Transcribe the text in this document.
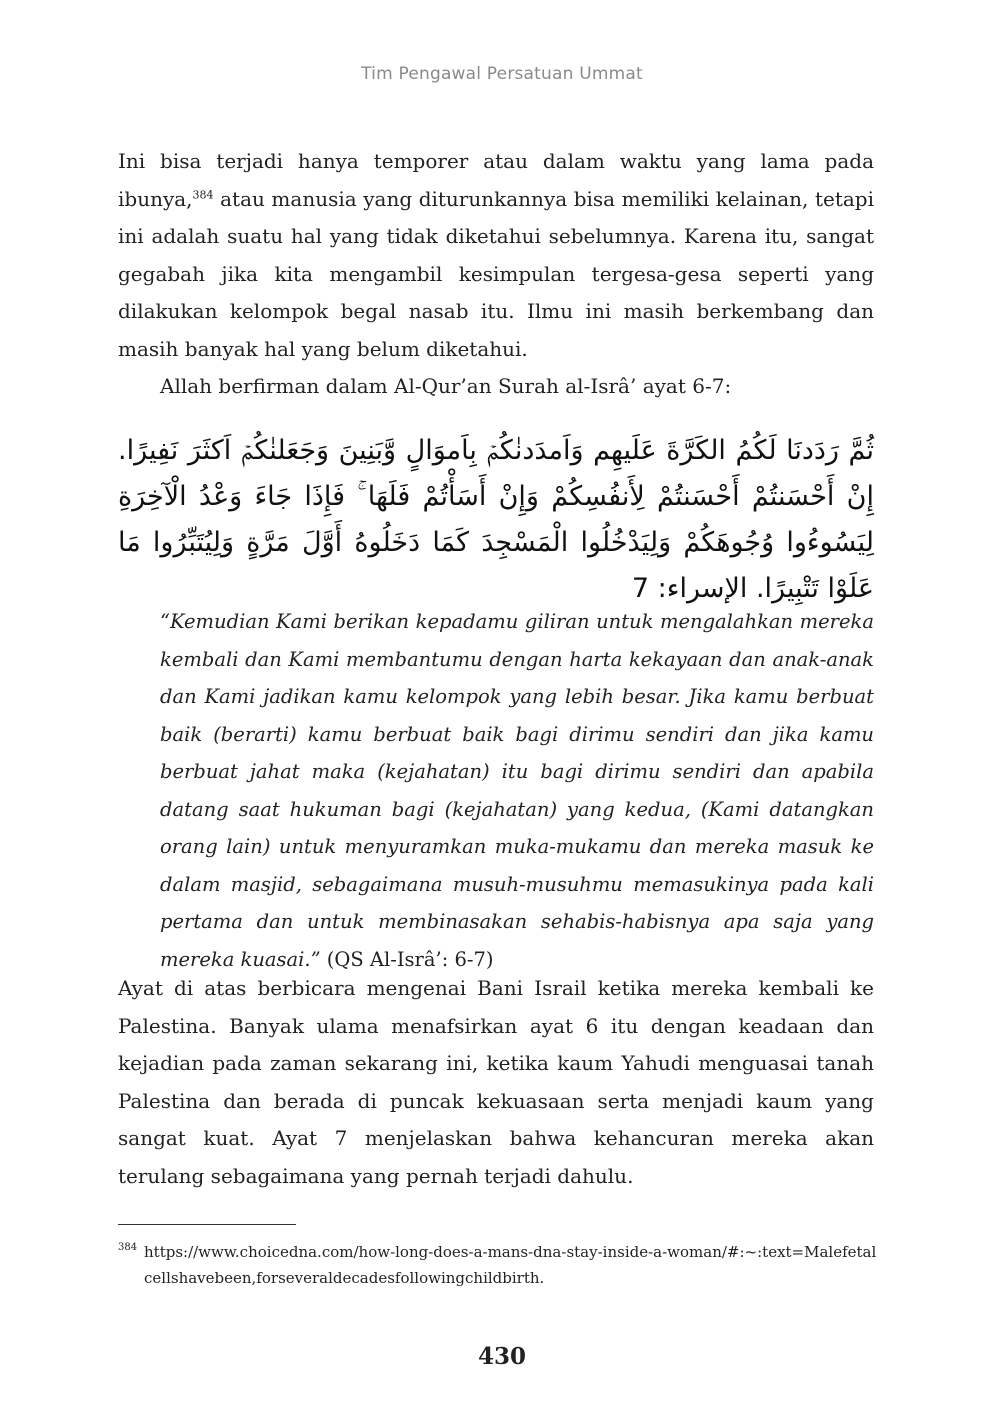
Tim Pengawal Persatuan Ummat
Ini bisa terjadi hanya temporer atau dalam waktu yang lama pada ibunya,$^{384}$ atau manusia yang diturunkannya bisa memiliki kelainan, tetapi ini adalah suatu hal yang tidak diketahui sebelumnya. Karena itu, sangat gegabah jika kita mengambil kesimpulan tergesa-gesa seperti yang dilakukan kelompok begal nasab itu. Ilmu ini masih berkembang dan masih banyak hal yang belum diketahui.
Allah berfirman dalam Al-Qur’an Surah al-Isrâ’ ayat 6-7:
ثُمَّ رَدَدنَا لَكُمُ الكَرَّةَ عَلَيهِم وَاَمدَدنٰكُمۡ بِاَموَالٍ وَّبَنِينَ وَجَعَلنٰكُمۡ اَكثَرَ نَفِيرًا. إِنْ أَحْسَنتُمْ أَحْسَنتُمْ لِأَنفُسِكُمْ وَإِنْ أَسَأْتُمْ فَلَهَا ۚ فَإِذَا جَاءَ وَعْدُ الْآخِرَةِ لِيَسُوءُوا وُجُوهَكُمْ وَلِيَدْخُلُوا الْمَسْجِدَ كَمَا دَخَلُوهُ أَوَّلَ مَرَّةٍ وَلِيُتَبِّرُوا مَا عَلَوْا تَتْبِيرًا. الإسراء: 7
“Kemudian Kami berikan kepadamu giliran untuk mengalahkan mereka kembali dan Kami membantumu dengan harta kekayaan dan anak-anak dan Kami jadikan kamu kelompok yang lebih besar. Jika kamu berbuat baik (berarti) kamu berbuat baik bagi dirimu sendiri dan jika kamu berbuat jahat maka (kejahatan) itu bagi dirimu sendiri dan apabila datang saat hukuman bagi (kejahatan) yang kedua, (Kami datangkan orang lain) untuk menyuramkan muka-mukamu dan mereka masuk ke dalam masjid, sebagaimana musuh-musuhmu memasukinya pada kali pertama dan untuk membinasakan sehabis-habisnya apa saja yang mereka kuasai.” (QS Al-Isrâ’: 6-7)
Ayat di atas berbicara mengenai Bani Israil ketika mereka kembali ke Palestina. Banyak ulama menafsirkan ayat 6 itu dengan keadaan dan kejadian pada zaman sekarang ini, ketika kaum Yahudi menguasai tanah Palestina dan berada di puncak kekuasaan serta menjadi kaum yang sangat kuat. Ayat 7 menjelaskan bahwa kehancuran mereka akan terulang sebagaimana yang pernah terjadi dahulu.
384 https://www.choicedna.com/how-long-does-a-mans-dna-stay-inside-a-woman/#:~:text=Malefetalcellshavebeen,forseveraldecadesfollowingchildbirth.
430
